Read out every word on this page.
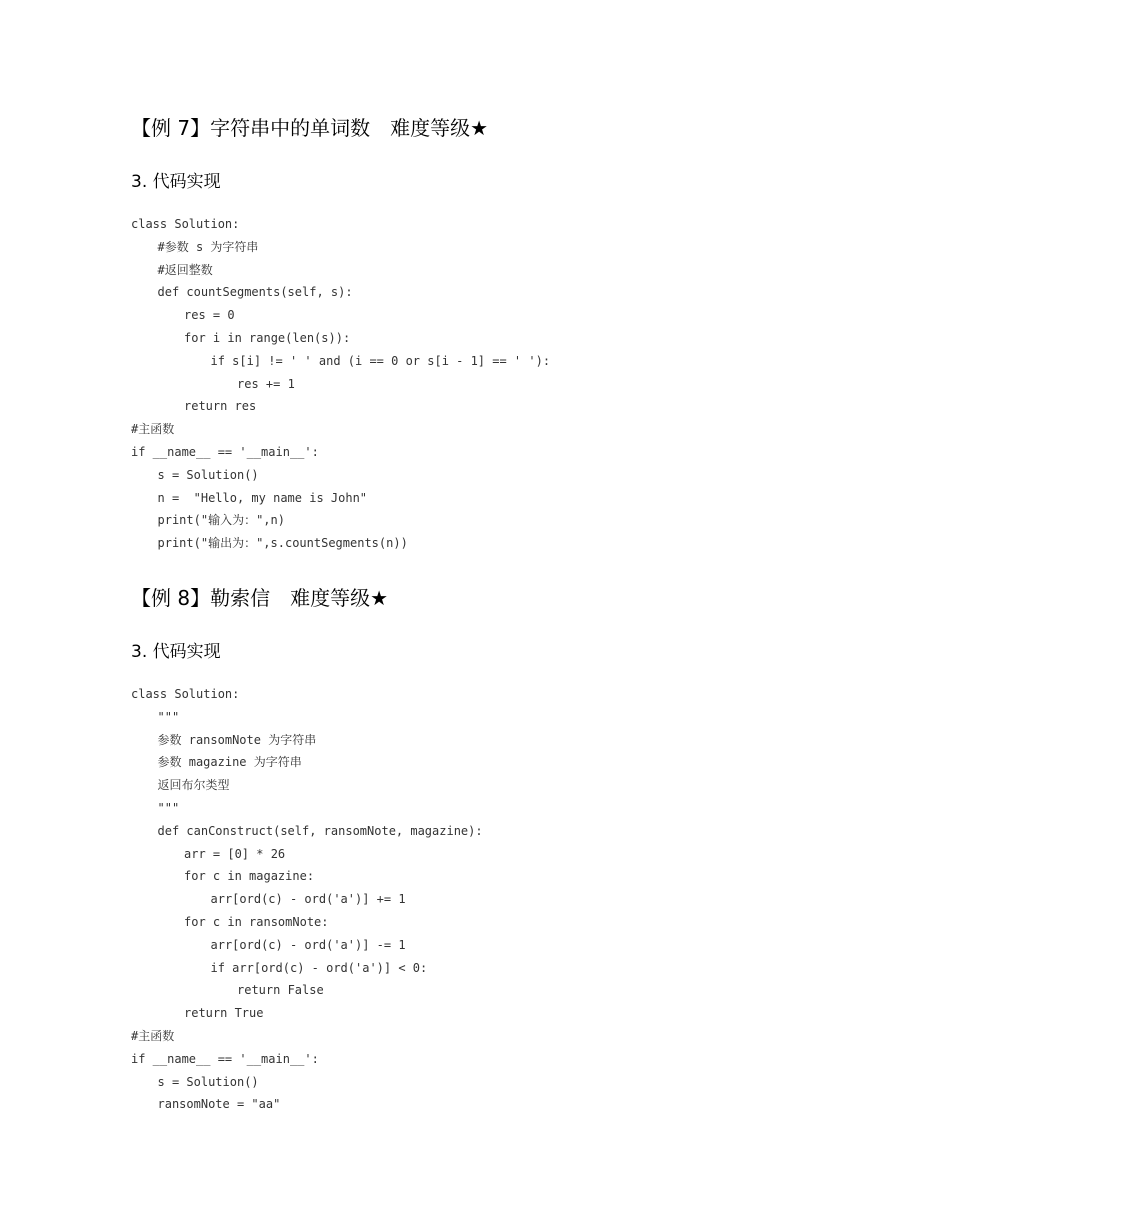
【例 7】字符串中的单词数　难度等级★
3. 代码实现
class Solution:
#参数 s 为字符串
#返回整数
def countSegments(self, s):
res = 0
for i in range(len(s)):
if s[i] != ' ' and (i == 0 or s[i - 1] == ' '):
res += 1
return res
#主函数
if __name__ == '__main__':
s = Solution()
n =  "Hello, my name is John"
print("输入为：",n)
print("输出为：",s.countSegments(n))
【例 8】勒索信　难度等级★
3. 代码实现
class Solution:
"""
参数 ransomNote 为字符串
参数 magazine 为字符串
返回布尔类型
"""
def canConstruct(self, ransomNote, magazine):
arr = [0] * 26
for c in magazine:
arr[ord(c) - ord('a')] += 1
for c in ransomNote:
arr[ord(c) - ord('a')] -= 1
if arr[ord(c) - ord('a')] < 0:
return False
return True
#主函数
if __name__ == '__main__':
s = Solution()
ransomNote = "aa"
